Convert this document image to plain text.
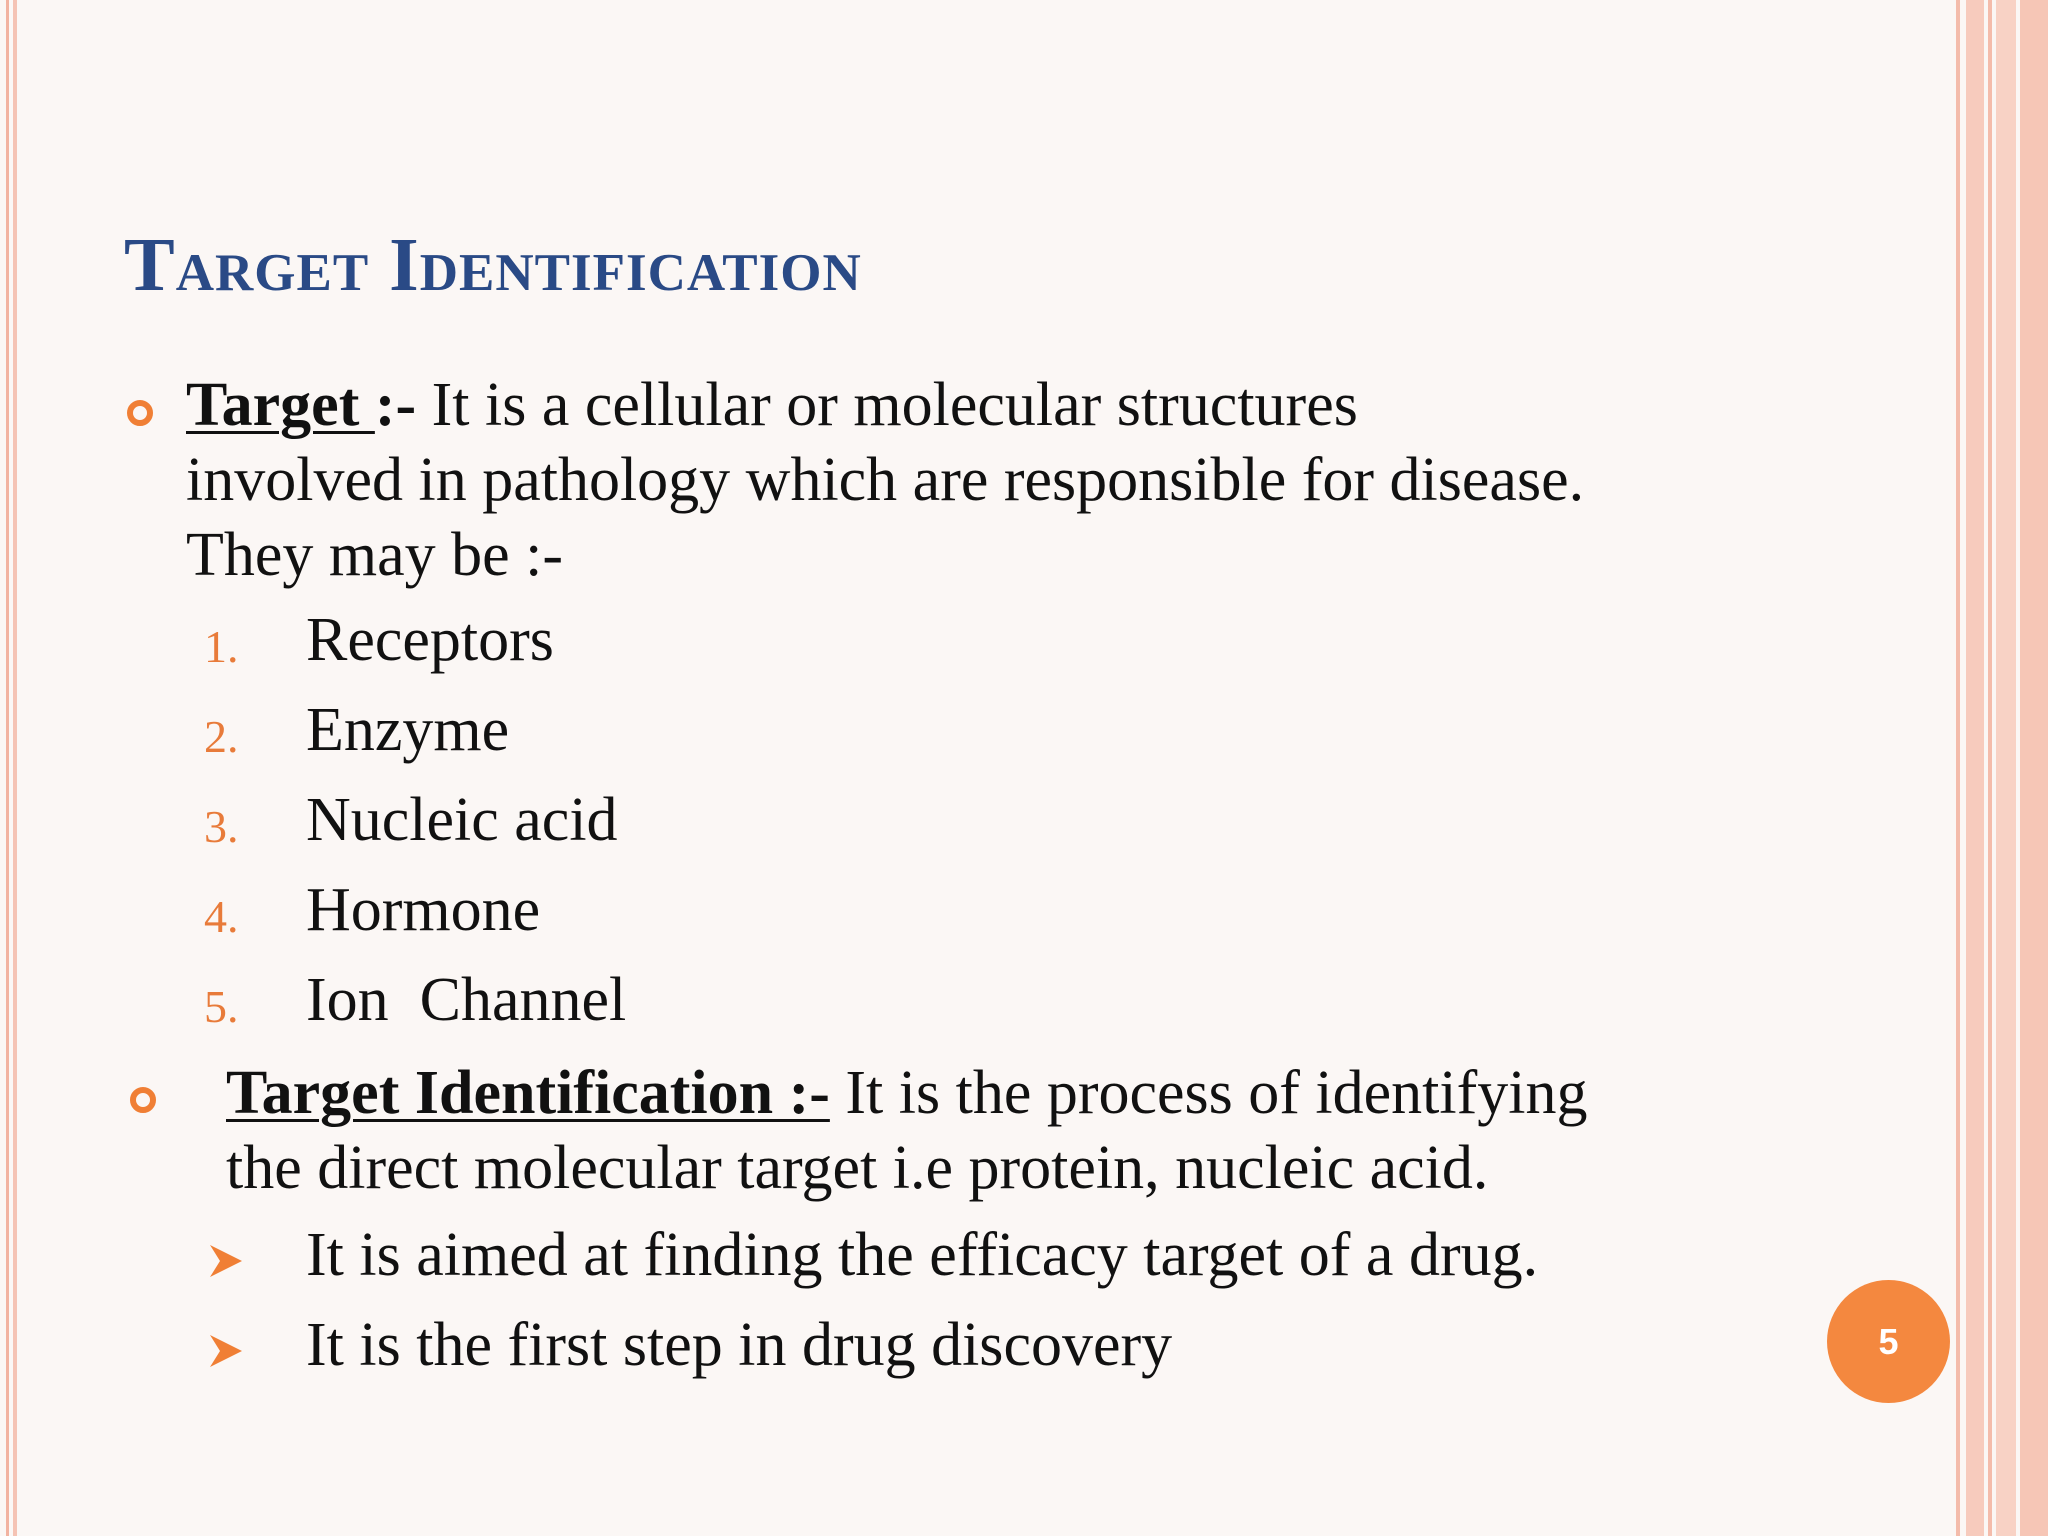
Target Identification

Target :- It is a cellular or molecular structures
involved in pathology which are responsible for disease.
They may be :-

1. Receptors
2. Enzyme
3. Nucleic acid
4. Hormone
5. Ion  Channel

Target Identification :- It is the process of identifying
the direct molecular target i.e protein, nucleic acid.

It is aimed at finding the efficacy target of a drug.
It is the first step in drug discovery	5
